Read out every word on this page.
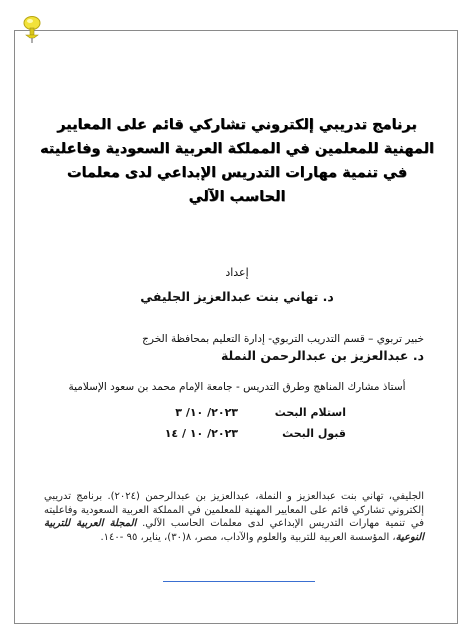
برنامج تدريبي إلكتروني تشاركي قائم على المعايير المهنية للمعلمين في المملكة العربية السعودية وفاعليته في تنمية مهارات التدريس الإبداعي لدى معلمات الحاسب الآلي
إعداد
د. تهاني بنت عبدالعزيز الجليفي
خبير تربوي – قسم التدريب التربوي- إدارة التعليم بمحافظة الخرج
د. عبدالعزيز بن عبدالرحمن النملة
أستاذ مشارك المناهج وطرق التدريس - جامعة الإمام محمد بن سعود الإسلامية
استلام البحث
٢٠٢٣/ ١٠/ ٣
قبول البحث
٢٠٢٣/ ١٠ / ١٤
الجليفي، تهاني بنت عبدالعزيز و النملة، عبدالعزيز بن عبدالرحمن (٢٠٢٤). برنامج تدريبي إلكتروني تشاركي قائم على المعايير المهنية للمعلمين في المملكة العربية السعودية وفاعليته في تنمية مهارات التدريس الإبداعي لدى معلمات الحاسب الآلي. المجلة العربية للتربية النوعية، المؤسسة العربية للتربية والعلوم والآداب، مصر، ٨(٣٠)، يناير، ٩٥ -١٤٠.
